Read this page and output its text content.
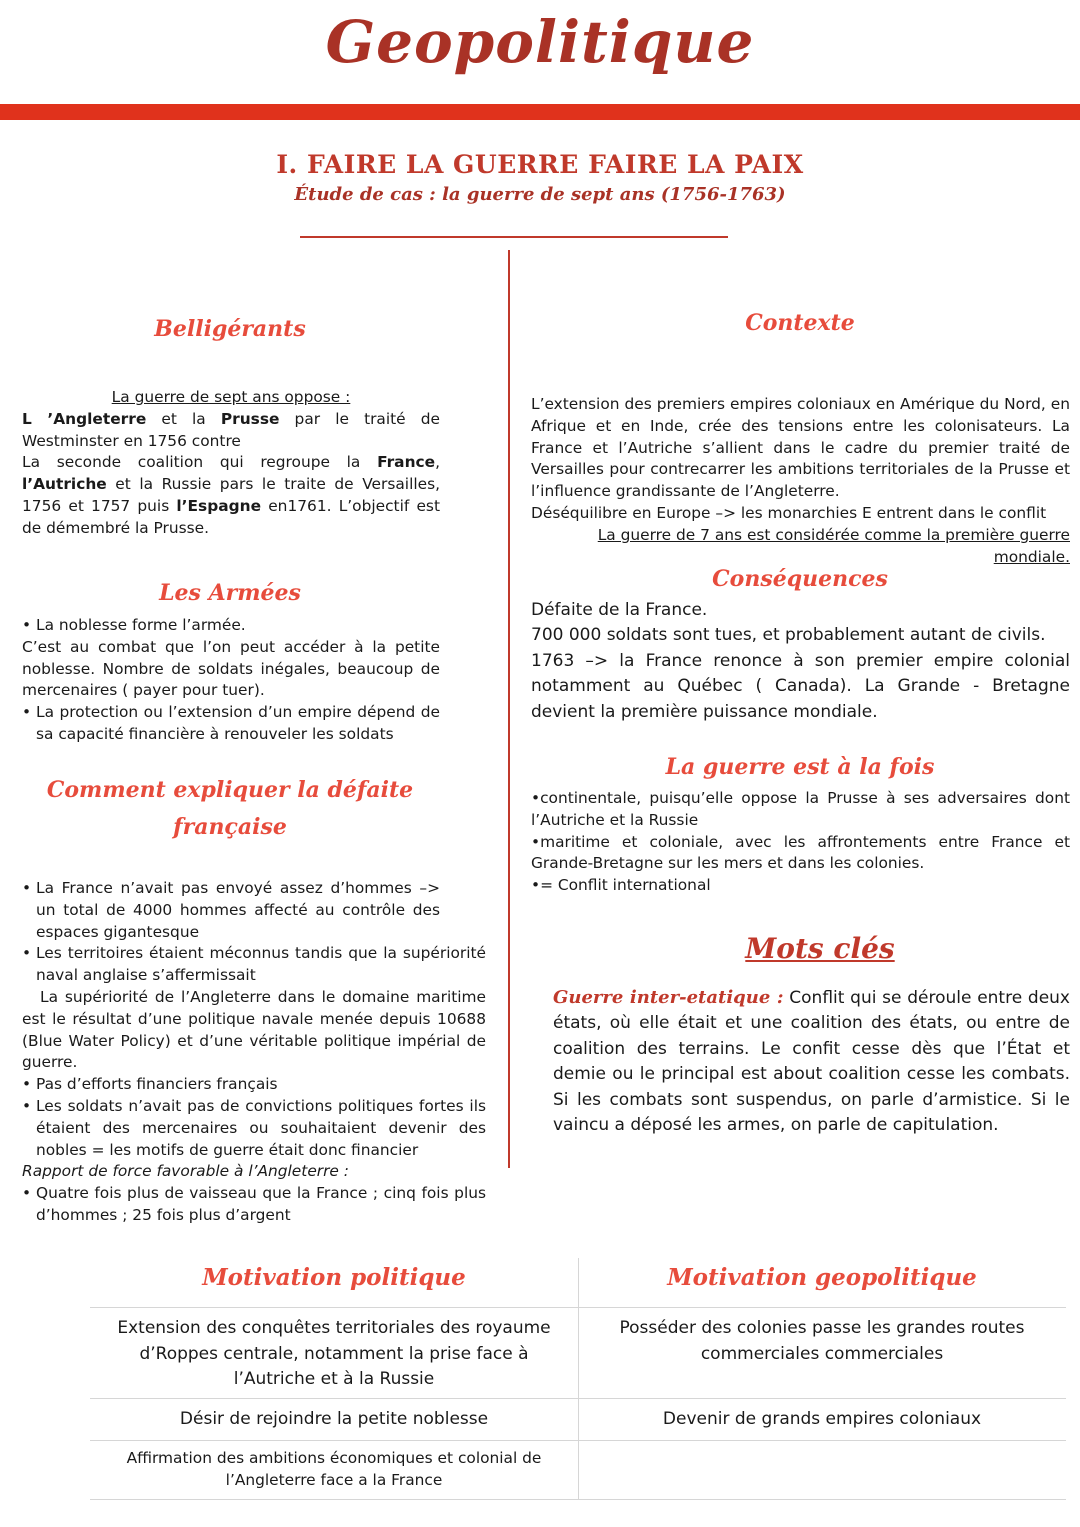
Geopolitique
I. FAIRE LA GUERRE FAIRE LA PAIX
Étude de cas : la guerre de sept ans (1756-1763)
Belligérants
La guerre de sept ans oppose :
L ’Angleterre et la Prusse par le traité de Westminster en 1756 contre
La seconde coalition qui regroupe la France, l’Autriche et la Russie pars le traite de Versailles, 1756 et 1757 puis l’Espagne en1761. L’objectif est de démembré la Prusse.
Les Armées
• La noblesse forme l’armée.
C’est au combat que l’on peut accéder à la petite noblesse. Nombre de soldats inégales, beaucoup de mercenaires ( payer pour tuer).
• La protection ou l’extension d’un empire dépend de sa capacité financière à renouveler les soldats
Comment expliquer la défaite
française
• La France n’avait pas envoyé assez d’hommes –> un total de 4000 hommes affecté au contrôle des espaces gigantesque
• Les territoires étaient méconnus tandis que la supériorité naval anglaise s’affermissait
La supériorité de l’Angleterre dans le domaine maritime est le résultat d’une politique navale menée depuis 10688 (Blue Water Policy) et d’une véritable politique impérial de guerre.
• Pas d’efforts financiers français
• Les soldats n’avait pas de convictions politiques fortes ils étaient des mercenaires ou souhaitaient devenir des nobles = les motifs de guerre était donc financier
Rapport de force favorable à l’Angleterre :
• Quatre fois plus de vaisseau que la France ; cinq fois plus d’hommes ; 25 fois plus d’argent
Contexte
L’extension des premiers empires coloniaux en Amérique du Nord, en Afrique et en Inde, crée des tensions entre les colonisateurs. La France et l’Autriche s’allient dans le cadre du premier traité de Versailles pour contrecarrer les ambitions territoriales de la Prusse et l’influence grandissante de l’Angleterre.
Déséquilibre en Europe –> les monarchies E entrent dans le conflit
La guerre de 7 ans est considérée comme la première guerre mondiale.
Conséquences
Défaite de la France.
700 000 soldats sont tues, et probablement autant de civils.
1763 –> la France renonce à son premier empire colonial notamment au Québec ( Canada). La Grande - Bretagne devient la première puissance mondiale.
La guerre est à la fois
•continentale, puisqu’elle oppose la Prusse à ses adversaires dont l’Autriche et la Russie
•maritime et coloniale, avec les affrontements entre France et Grande-Bretagne sur les mers et dans les colonies.
•= Conflit international
Mots clés
Guerre inter-etatique : Conflit qui se déroule entre deux états, où elle était et une coalition des états, ou entre de coalition des terrains. Le confit cesse dès que l’État et demie ou le principal est about coalition cesse les combats. Si les combats sont suspendus, on parle d’armistice. Si le vaincu a déposé les armes, on parle de capitulation.
Motivation politique	Motivation geopolitique
Extension des conquêtes territoriales des royaume d’Roppes centrale, notamment la prise face à l’Autriche et à la Russie
Posséder des colonies passe les grandes routes commerciales commerciales
Désir de rejoindre la petite noblesse	Devenir de grands empires coloniaux
Affirmation des ambitions économiques et colonial de l’Angleterre face a la France
